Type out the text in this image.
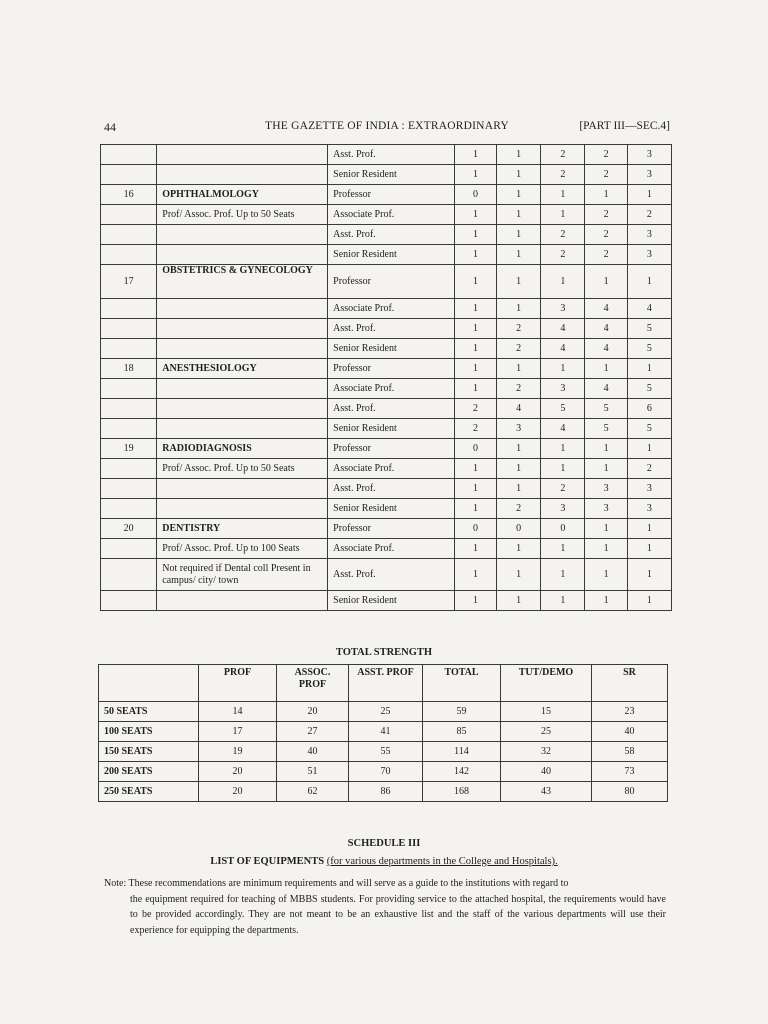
44	THE GAZETTE OF INDIA : EXTRAORDINARY	[PART III—SEC.4]
		Asst. Prof.	1	1	2	2	3
		Senior Resident	1	1	2	2	3
16	OPHTHALMOLOGY	Professor	0	1	1	1	1
	Prof/ Assoc. Prof. Up to 50 Seats	Associate Prof.	1	1	1	2	2
		Asst. Prof.	1	1	2	2	3
		Senior Resident	1	1	2	2	3
17	OBSTETRICS & GYNECOLOGY	Professor	1	1	1	1	1
		Associate Prof.	1	1	3	4	4
		Asst. Prof.	1	2	4	4	5
		Senior Resident	1	2	4	4	5
18	ANESTHESIOLOGY	Professor	1	1	1	1	1
		Associate Prof.	1	2	3	4	5
		Asst. Prof.	2	4	5	5	6
		Senior Resident	2	3	4	5	5
19	RADIODIAGNOSIS	Professor	0	1	1	1	1
	Prof/ Assoc. Prof. Up to 50 Seats	Associate Prof.	1	1	1	1	2
		Asst. Prof.	1	1	2	3	3
		Senior Resident	1	2	3	3	3
20	DENTISTRY	Professor	0	0	0	1	1
	Prof/ Assoc. Prof. Up to 100 Seats	Associate Prof.	1	1	1	1	1
	Not required if Dental coll Present in campus/ city/ town	Asst. Prof.	1	1	1	1	1
		Senior Resident	1	1	1	1	1
TOTAL STRENGTH
	PROF	ASSOC. PROF	ASST. PROF	TOTAL	TUT/DEMO	SR
50 SEATS	14	20	25	59	15	23
100 SEATS	17	27	41	85	25	40
150 SEATS	19	40	55	114	32	58
200 SEATS	20	51	70	142	40	73
250 SEATS	20	62	86	168	43	80
SCHEDULE III
LIST OF EQUIPMENTS (for various departments in the College and Hospitals).
Note: These recommendations are minimum requirements and will serve as a guide to the institutions with regard to
the equipment required for teaching of MBBS students. For providing service to the attached hospital, the requirements would have to be provided accordingly. They are not meant to be an exhaustive list and the staff of the various departments will use their experience for equipping the departments.
